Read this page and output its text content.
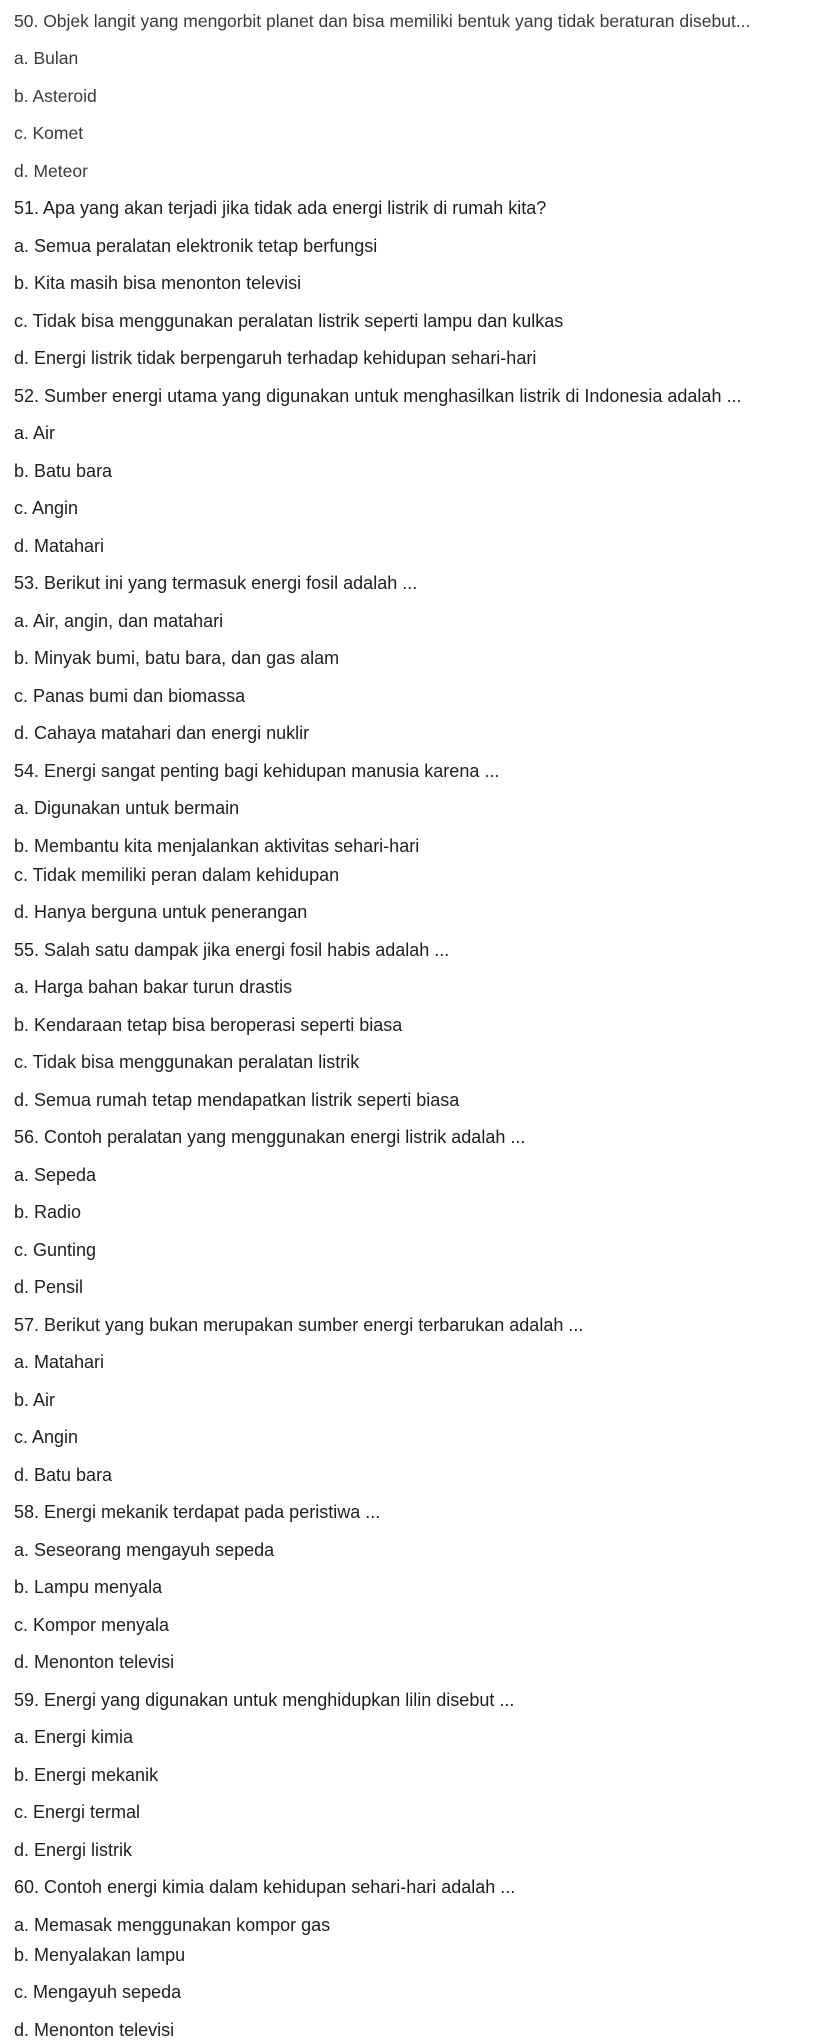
50. Objek langit yang mengorbit planet dan bisa memiliki bentuk yang tidak beraturan disebut...
a. Bulan
b. Asteroid
c. Komet
d. Meteor
51. Apa yang akan terjadi jika tidak ada energi listrik di rumah kita?
a. Semua peralatan elektronik tetap berfungsi
b. Kita masih bisa menonton televisi
c. Tidak bisa menggunakan peralatan listrik seperti lampu dan kulkas
d. Energi listrik tidak berpengaruh terhadap kehidupan sehari-hari
52. Sumber energi utama yang digunakan untuk menghasilkan listrik di Indonesia adalah ...
a. Air
b. Batu bara
c. Angin
d. Matahari
53. Berikut ini yang termasuk energi fosil adalah ...
a. Air, angin, dan matahari
b. Minyak bumi, batu bara, dan gas alam
c. Panas bumi dan biomassa
d. Cahaya matahari dan energi nuklir
54. Energi sangat penting bagi kehidupan manusia karena ...
a. Digunakan untuk bermain
b. Membantu kita menjalankan aktivitas sehari-hari
c. Tidak memiliki peran dalam kehidupan
d. Hanya berguna untuk penerangan
55. Salah satu dampak jika energi fosil habis adalah ...
a. Harga bahan bakar turun drastis
b. Kendaraan tetap bisa beroperasi seperti biasa
c. Tidak bisa menggunakan peralatan listrik
d. Semua rumah tetap mendapatkan listrik seperti biasa
56. Contoh peralatan yang menggunakan energi listrik adalah ...
a. Sepeda
b. Radio
c. Gunting
d. Pensil
57. Berikut yang bukan merupakan sumber energi terbarukan adalah ...
a. Matahari
b. Air
c. Angin
d. Batu bara
58. Energi mekanik terdapat pada peristiwa ...
a. Seseorang mengayuh sepeda
b. Lampu menyala
c. Kompor menyala
d. Menonton televisi
59. Energi yang digunakan untuk menghidupkan lilin disebut ...
a. Energi kimia
b. Energi mekanik
c. Energi termal
d. Energi listrik
60. Contoh energi kimia dalam kehidupan sehari-hari adalah ...
a. Memasak menggunakan kompor gas
b. Menyalakan lampu
c. Mengayuh sepeda
d. Menonton televisi
